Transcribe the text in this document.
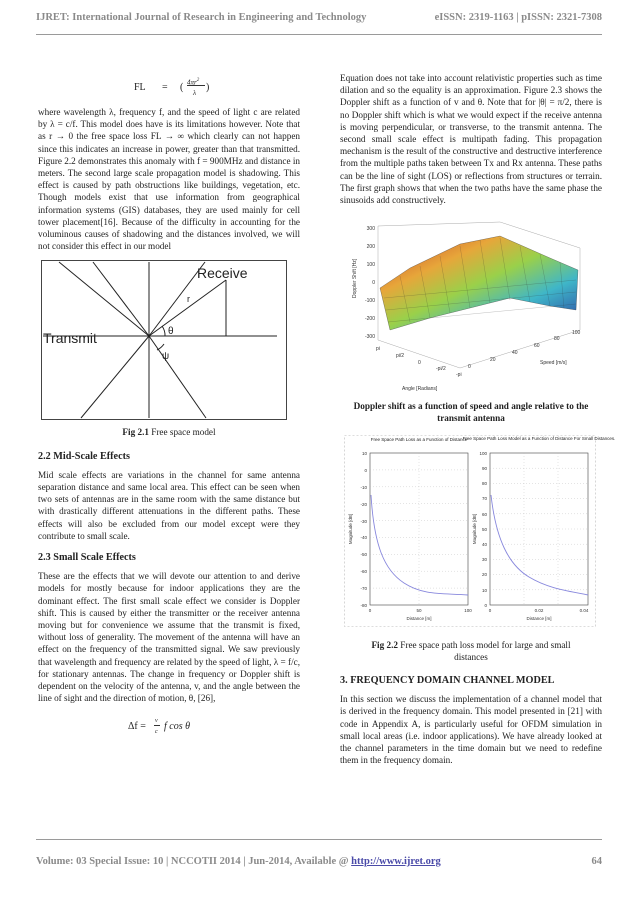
IJRET: International Journal of Research in Engineering and Technology	eISSN: 2319-1163 | pISSN: 2321-7308
FL = ( $4\pi r^2$
λ )

where wavelength λ, frequency f, and the speed of light c are related by λ = c/f. This model does have is its limitations however. Note that as r → 0 the free space loss FL → ∞ which clearly can not happen since this indicates an increase in power, greater than that transmitted. Figure 2.2 demonstrates this anomaly with f = 900MHz and distance in meters. The second large scale propagation model is shadowing. This effect is caused by path obstructions like buildings, vegetation, etc. Though models exist that use information from geographical information systems (GIS) databases, they are used mainly for cell tower placement[16]. Because of the difficulty in accounting for the voluminous causes of shadowing and the distances involved, we will not consider this effect in our model

Receive
Transmit
r
θ
ψ

Fig 2.1 Free space model

2.2 Mid-Scale Effects

Mid scale effects are variations in the channel for same antenna separation distance and same local area. This effect can be seen when two sets of antennas are in the same room with the same distance but with drastically different attenuations in the different paths. These effects will also be excluded from our model except were they contribute to small scale.

2.3 Small Scale Effects

These are the effects that we will devote our attention to and derive models for mostly because for indoor applications they are the dominant effect. The first small scale effect we consider is Doppler shift. This is caused by either the transmitter or the receiver antenna moving but for convenience we assume that the transmit is fixed, without loss of generality. The movement of the antenna will have an effect on the frequency of the transmitted signal. We saw previously that wavelength and frequency are related by the speed of light, λ = f/c, for stationary antennas. The change in frequency or Doppler shift is dependent on the velocity of the antenna, v, and the angle between the line of sight and the direction of motion, θ, [26],

Δf = v
c f cos θ

Equation does not take into account relativistic properties such as time dilation and so the equality is an approximation. Figure 2.3 shows the Doppler shift as a function of v and θ. Note that for |θ| = π/2, there is no Doppler shift which is what we would expect if the receive antenna is moving perpendicular, or transverse, to the transmit antenna. The second small scale effect is multipath fading. This propagation mechanism is the result of the constructive and destructive interference from the multiple paths taken between Tx and Rx antenna. These paths can be the line of sight (LOS) or reflections from structures or terrain. The first graph shows that when the two paths have the same phase the sinusoids add constructively.

Doppler Shift [Hz]
300
200
100
0
-100
-200
-300
pi
pi/2
0
-pi/2
-pi
0
20
40
60
80
100
Angle [Radians]
Speed [m/s]

Doppler shift as a function of speed and angle relative to the transmit antenna

Free Space Path Loss as a Function of Distance
10
0
-10
-20
-30
-40
-50
-60
-70
-80
0	50	100
Distance [m]
Magnitude [dB]
Free Space Path Loss Model as a Function of Distance For Small Distances.
100
90
80
70
60
50
40
30
20
10
0
0	0.02	0.04
Distance [m]
Magnitude [dB]

Fig 2.2 Free space path loss model for large and small distances

3. FREQUENCY DOMAIN CHANNEL MODEL

In this section we discuss the implementation of a channel model that is derived in the frequency domain. This model presented in [21] with code in Appendix A, is particularly useful for OFDM simulation in small local areas (i.e. indoor applications). We have already looked at the channel parameters in the time domain but we need to redefine them in the frequency domain.

Volume: 03 Special Issue: 10 | NCCOTII 2014 | Jun-2014, Available @ http://www.ijret.org	64
